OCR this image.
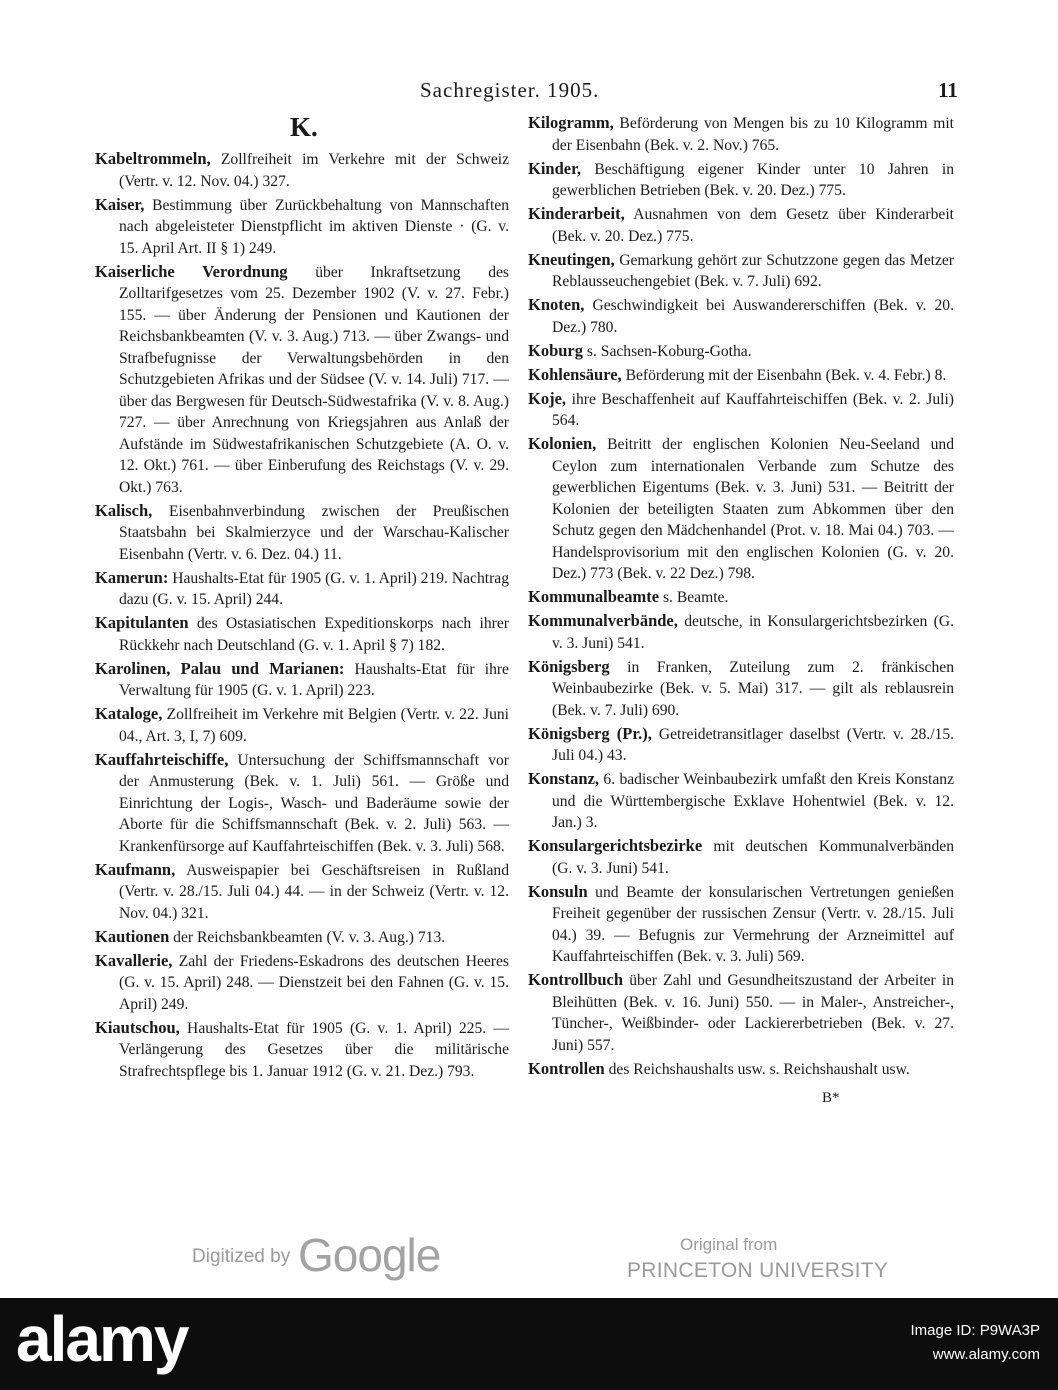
Sachregister. 1905.	11
K.

Kabeltrommeln, Zollfreiheit im Verkehre mit der Schweiz (Vertr. v. 12. Nov. 04.) 327.

Kaiser, Bestimmung über Zurückbehaltung von Mannschaften nach abgeleisteter Dienstpflicht im aktiven Dienste · (G. v. 15. April Art. II § 1) 249.

Kaiserliche Verordnung über Inkraftsetzung des Zolltarifgesetzes vom 25. Dezember 1902 (V. v. 27. Febr.) 155. — über Änderung der Pensionen und Kautionen der Reichsbankbeamten (V. v. 3. Aug.) 713. — über Zwangs- und Strafbefugnisse der Verwaltungsbehörden in den Schutzgebieten Afrikas und der Südsee (V. v. 14. Juli) 717. — über das Bergwesen für Deutsch-Südwestafrika (V. v. 8. Aug.) 727. — über Anrechnung von Kriegsjahren aus Anlaß der Aufstände im Südwestafrikanischen Schutzgebiete (A. O. v. 12. Okt.) 761. — über Einberufung des Reichstags (V. v. 29. Okt.) 763.

Kalisch, Eisenbahnverbindung zwischen der Preußischen Staatsbahn bei Skalmierzyce und der Warschau-Kalischer Eisenbahn (Vertr. v. 6. Dez. 04.) 11.

Kamerun: Haushalts-Etat für 1905 (G. v. 1. April) 219. Nachtrag dazu (G. v. 15. April) 244.

Kapitulanten des Ostasiatischen Expeditionskorps nach ihrer Rückkehr nach Deutschland (G. v. 1. April § 7) 182.

Karolinen, Palau und Marianen: Haushalts-Etat für ihre Verwaltung für 1905 (G. v. 1. April) 223.

Kataloge, Zollfreiheit im Verkehre mit Belgien (Vertr. v. 22. Juni 04., Art. 3, I, 7) 609.

Kauffahrteischiffe, Untersuchung der Schiffsmannschaft vor der Anmusterung (Bek. v. 1. Juli) 561. — Größe und Einrichtung der Logis-, Wasch- und Baderäume sowie der Aborte für die Schiffsmannschaft (Bek. v. 2. Juli) 563. — Krankenfürsorge auf Kauffahrteischiffen (Bek. v. 3. Juli) 568.

Kaufmann, Ausweispapier bei Geschäftsreisen in Rußland (Vertr. v. 28./15. Juli 04.) 44. — in der Schweiz (Vertr. v. 12. Nov. 04.) 321.

Kautionen der Reichsbankbeamten (V. v. 3. Aug.) 713.

Kavallerie, Zahl der Friedens-Eskadrons des deutschen Heeres (G. v. 15. April) 248. — Dienstzeit bei den Fahnen (G. v. 15. April) 249.

Kiautschou, Haushalts-Etat für 1905 (G. v. 1. April) 225. — Verlängerung des Gesetzes über die militärische Strafrechtspflege bis 1. Januar 1912 (G. v. 21. Dez.) 793.

Kilogramm, Beförderung von Mengen bis zu 10 Kilogramm mit der Eisenbahn (Bek. v. 2. Nov.) 765.

Kinder, Beschäftigung eigener Kinder unter 10 Jahren in gewerblichen Betrieben (Bek. v. 20. Dez.) 775.

Kinderarbeit, Ausnahmen von dem Gesetz über Kinderarbeit (Bek. v. 20. Dez.) 775.

Kneutingen, Gemarkung gehört zur Schutzzone gegen das Metzer Reblausseuchengebiet (Bek. v. 7. Juli) 692.

Knoten, Geschwindigkeit bei Auswandererschiffen (Bek. v. 20. Dez.) 780.

Koburg s. Sachsen-Koburg-Gotha.

Kohlensäure, Beförderung mit der Eisenbahn (Bek. v. 4. Febr.) 8.

Koje, ihre Beschaffenheit auf Kauffahrteischiffen (Bek. v. 2. Juli) 564.

Kolonien, Beitritt der englischen Kolonien Neu-Seeland und Ceylon zum internationalen Verbande zum Schutze des gewerblichen Eigentums (Bek. v. 3. Juni) 531. — Beitritt der Kolonien der beteiligten Staaten zum Abkommen über den Schutz gegen den Mädchenhandel (Prot. v. 18. Mai 04.) 703. — Handelsprovisorium mit den englischen Kolonien (G. v. 20. Dez.) 773 (Bek. v. 22 Dez.) 798.

Kommunalbeamte s. Beamte.

Kommunalverbände, deutsche, in Konsulargerichtsbezirken (G. v. 3. Juni) 541.

Königsberg in Franken, Zuteilung zum 2. fränkischen Weinbaubezirke (Bek. v. 5. Mai) 317. — gilt als reblausrein (Bek. v. 7. Juli) 690.

Königsberg (Pr.), Getreidetransitlager daselbst (Vertr. v. 28./15. Juli 04.) 43.

Konstanz, 6. badischer Weinbaubezirk umfaßt den Kreis Konstanz und die Württembergische Exklave Hohentwiel (Bek. v. 12. Jan.) 3.

Konsulargerichtsbezirke mit deutschen Kommunalverbänden (G. v. 3. Juni) 541.

Konsuln und Beamte der konsularischen Vertretungen genießen Freiheit gegenüber der russischen Zensur (Vertr. v. 28./15. Juli 04.) 39. — Befugnis zur Vermehrung der Arzneimittel auf Kauffahrteischiffen (Bek. v. 3. Juli) 569.

Kontrollbuch über Zahl und Gesundheitszustand der Arbeiter in Bleihütten (Bek. v. 16. Juni) 550. — in Maler-, Anstreicher-, Tüncher-, Weißbinder- oder Lackiererbetrieben (Bek. v. 27. Juni) 557.

Kontrollen des Reichshaushalts usw. s. Reichshaushalt usw.

B*
Digitized by Google	Original from
PRINCETON UNIVERSITY
alamy	Image ID: P9WA3P
www.alamy.com
